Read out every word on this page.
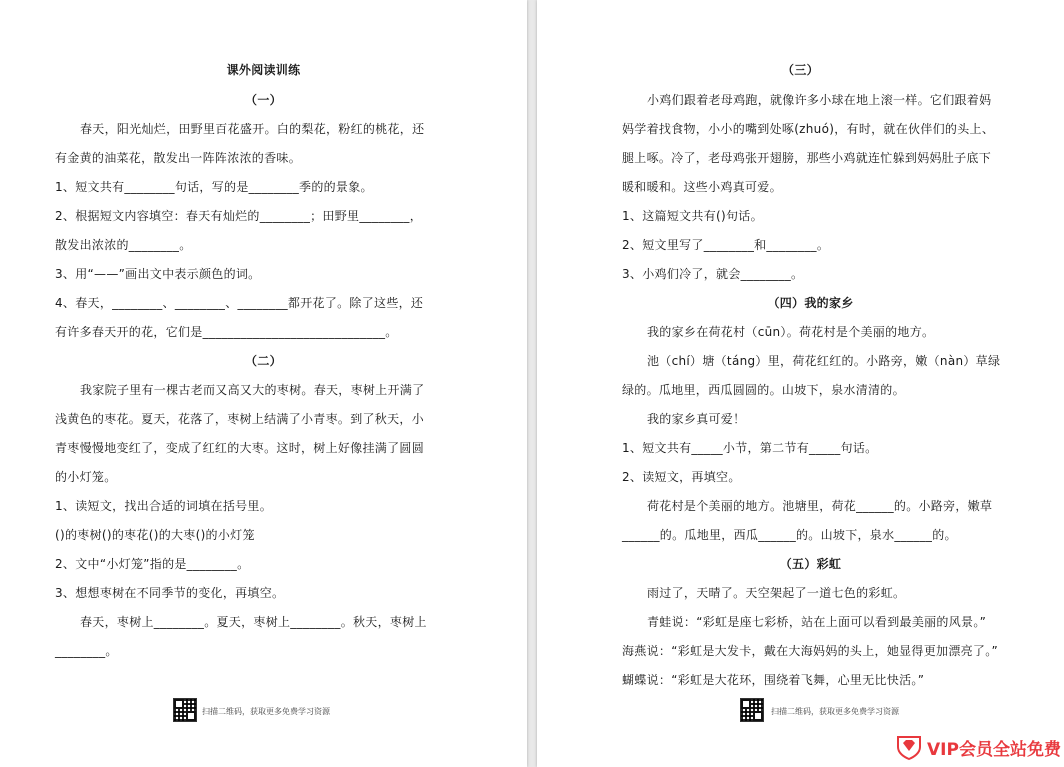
课外阅读训练
（一）
春天，阳光灿烂，田野里百花盛开。白的梨花，粉红的桃花，还
有金黄的油菜花，散发出一阵阵浓浓的香味。
1、短文共有________句话，写的是________季的的景象。
2、根据短文内容填空：春天有灿烂的________；田野里________，
散发出浓浓的________。
3、用“——”画出文中表示颜色的词。
4、春天，________、________、________都开花了。除了这些，还
有许多春天开的花，它们是_____________________________。
（二）
我家院子里有一棵古老而又高又大的枣树。春天，枣树上开满了
浅黄色的枣花。夏天，花落了，枣树上结满了小青枣。到了秋天，小
青枣慢慢地变红了，变成了红红的大枣。这时，树上好像挂满了圆圆
的小灯笼。
1、读短文，找出合适的词填在括号里。
()的枣树()的枣花()的大枣()的小灯笼
2、文中“小灯笼”指的是________。
3、想想枣树在不同季节的变化，再填空。
春天，枣树上________。夏天，枣树上________。秋天，枣树上
________。
扫描二维码，获取更多免费学习资源
（三）
小鸡们跟着老母鸡跑，就像许多小球在地上滚一样。它们跟着妈
妈学着找食物，小小的嘴到处啄(zhuó)，有时，就在伙伴们的头上、
腿上啄。冷了，老母鸡张开翅膀，那些小鸡就连忙躲到妈妈肚子底下
暖和暖和。这些小鸡真可爱。
1、这篇短文共有()句话。
2、短文里写了________和________。
3、小鸡们冷了，就会________。
（四）我的家乡
我的家乡在荷花村（cūn）。荷花村是个美丽的地方。
池（chí）塘（táng）里，荷花红红的。小路旁，嫩（nàn）草绿
绿的。瓜地里，西瓜圆圆的。山坡下，泉水清清的。
我的家乡真可爱！
1、短文共有_____小节，第二节有_____句话。
2、读短文，再填空。
荷花村是个美丽的地方。池塘里，荷花______的。小路旁，嫩草
______的。瓜地里，西瓜______的。山坡下，泉水______的。
（五）彩虹
雨过了，天晴了。天空架起了一道七色的彩虹。
青蛙说：“彩虹是座七彩桥，站在上面可以看到最美丽的风景。”
海燕说：“彩虹是大发卡，戴在大海妈妈的头上，她显得更加漂亮了。”
蝴蝶说：“彩虹是大花环，围绕着飞舞，心里无比快活。”
扫描二维码，获取更多免费学习资源
VIP会员全站免费
